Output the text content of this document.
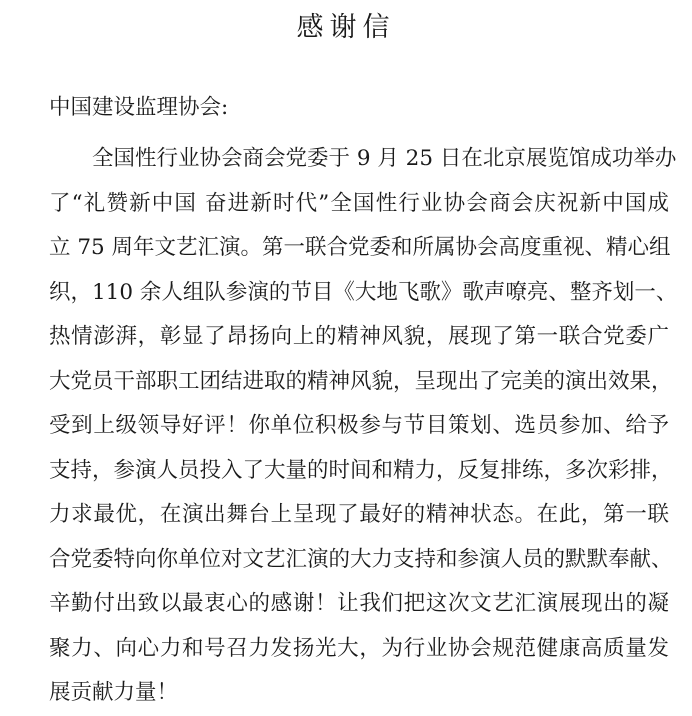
感谢信
中国建设监理协会:
全国性行业协会商会党委于 9 月 25 日在北京展览馆成功举办
了“礼赞新中国 奋进新时代”全国性行业协会商会庆祝新中国成
立 75 周年文艺汇演。第一联合党委和所属协会高度重视、精心组
织，110 余人组队参演的节目《大地飞歌》歌声嘹亮、整齐划一、
热情澎湃，彰显了昂扬向上的精神风貌，展现了第一联合党委广
大党员干部职工团结进取的精神风貌，呈现出了完美的演出效果，
受到上级领导好评！你单位积极参与节目策划、选员参加、给予
支持，参演人员投入了大量的时间和精力，反复排练，多次彩排，
力求最优，在演出舞台上呈现了最好的精神状态。在此，第一联
合党委特向你单位对文艺汇演的大力支持和参演人员的默默奉献、
辛勤付出致以最衷心的感谢！让我们把这次文艺汇演展现出的凝
聚力、向心力和号召力发扬光大，为行业协会规范健康高质量发
展贡献力量！
